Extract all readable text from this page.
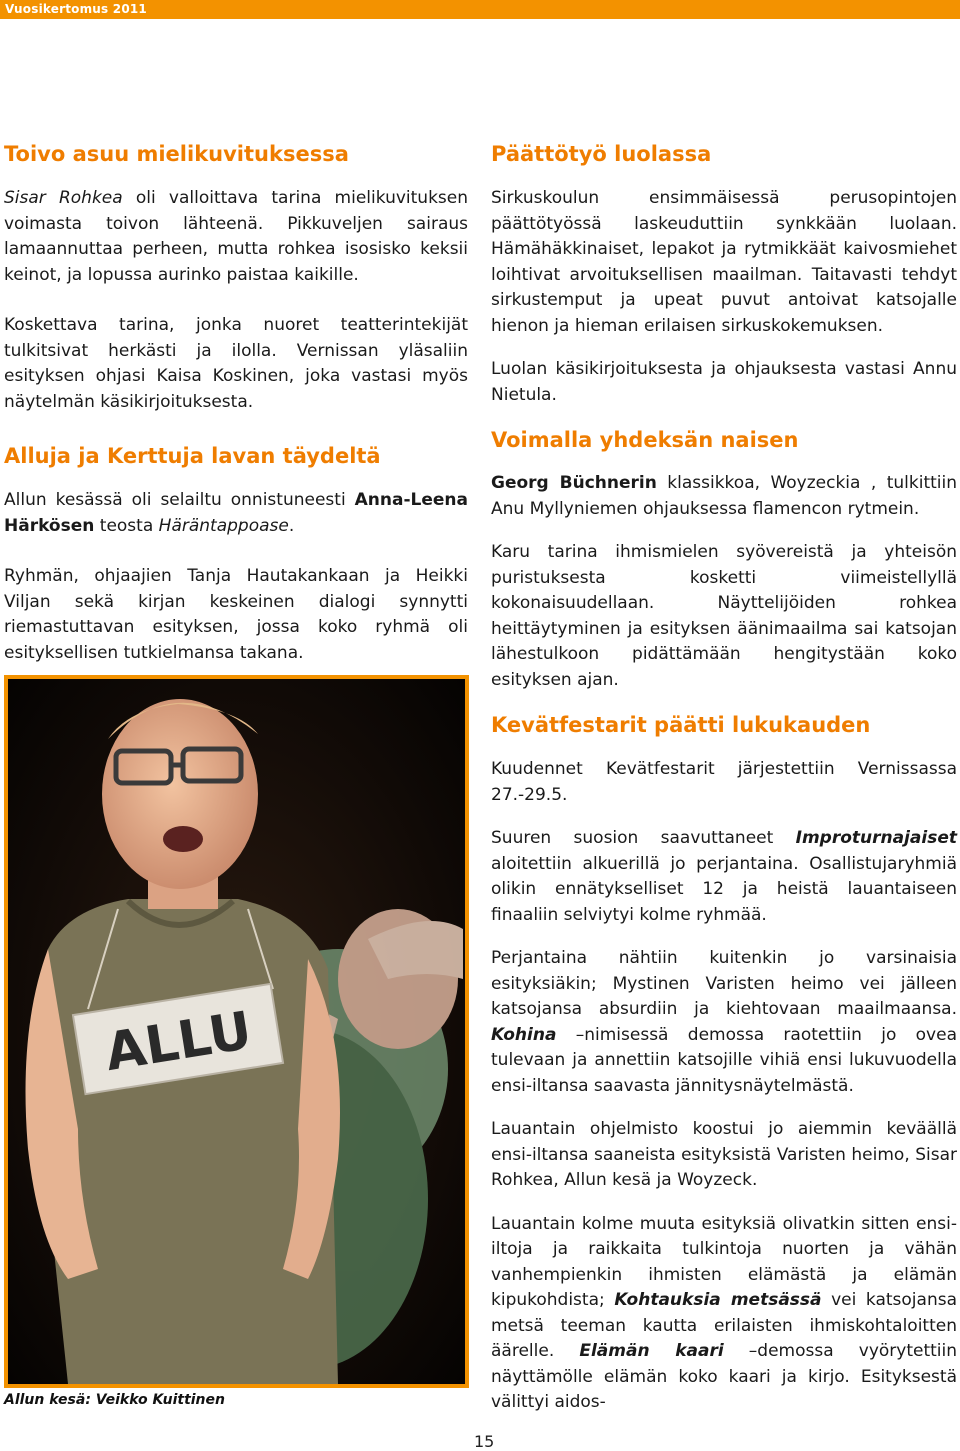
Vuosikertomus 2011
Toivo asuu mielikuvituksessa

Sisar Rohkea oli valloittava tarina mielikuvituksen voimasta toivon lähteenä. Pikkuveljen sairaus lamaannuttaa perheen, mutta rohkea isosisko keksii keinot, ja lopussa aurinko paistaa kaikille.

Koskettava tarina, jonka nuoret teatterintekijät tulkitsivat herkästi ja ilolla. Vernissan yläsaliin esityksen ohjasi Kaisa Koskinen, joka vastasi myös näytelmän käsikirjoituksesta.

Alluja ja Kerttuja lavan täydeltä

Allun kesässä oli selailtu onnistuneesti Anna-Leena Härkösen teosta Häräntappoase.

Ryhmän, ohjaajien Tanja Hautakankaan ja Heikki Viljan sekä kirjan keskeinen dialogi synnytti riemastuttavan esityksen, jossa koko ryhmä oli esityksellisen tutkielmansa takana.

ALLU
Allun kesä: Veikko Kuittinen
Päättötyö luolassa

Sirkuskoulun ensimmäisessä perusopintojen päättötyössä laskeuduttiin synkkään luolaan. Hämähäkkinaiset, lepakot ja rytmikkäät kaivosmiehet loihtivat arvoituksellisen maailman. Taitavasti tehdyt sirkustemput ja upeat puvut antoivat katsojalle hienon ja hieman erilaisen sirkuskokemuksen.

Luolan käsikirjoituksesta ja ohjauksesta vastasi Annu Nietula.

Voimalla yhdeksän naisen

Georg Büchnerin klassikkoa, Woyzeckia , tulkittiin Anu Myllyniemen ohjauksessa flamencon rytmein.

Karu tarina ihmismielen syövereistä ja yhteisön puristuksesta kosketti viimeistellyllä kokonaisuudellaan. Näyttelijöiden rohkea heittäytyminen ja esityksen äänimaailma sai katsojan lähestulkoon pidättämään hengitystään koko esityksen ajan.

Kevätfestarit päätti lukukauden

Kuudennet Kevätfestarit järjestettiin Vernissassa 27.-29.5.

Suuren suosion saavuttaneet Improturnajaiset aloitettiin alkuerillä jo perjantaina. Osallistujaryhmiä olikin ennätykselliset 12 ja heistä lauantaiseen finaaliin selviytyi kolme ryhmää.

Perjantaina nähtiin kuitenkin jo varsinaisia esityksiäkin; Mystinen Varisten heimo vei jälleen katsojansa absurdiin ja kiehtovaan maailmaansa. Kohina –nimisessä demossa raotettiin jo ovea tulevaan ja annettiin katsojille vihiä ensi lukuvuodella ensi-iltansa saavasta jännitysnäytelmästä.

Lauantain ohjelmisto koostui jo aiemmin keväällä ensi-iltansa saaneista esityksistä Varisten heimo, Sisar Rohkea, Allun kesä ja Woyzeck.

Lauantain kolme muuta esityksiä olivatkin sitten ensi-iltoja ja raikkaita tulkintoja nuorten ja vähän vanhempienkin ihmisten elämästä ja elämän kipukohdista; Kohtauksia metsässä vei katsojansa metsä teeman kautta erilaisten ihmiskohtaloitten äärelle. Elämän kaari –demossa vyörytettiin näyttämölle elämän koko kaari ja kirjo. Esityksestä välittyi aidos-

15
